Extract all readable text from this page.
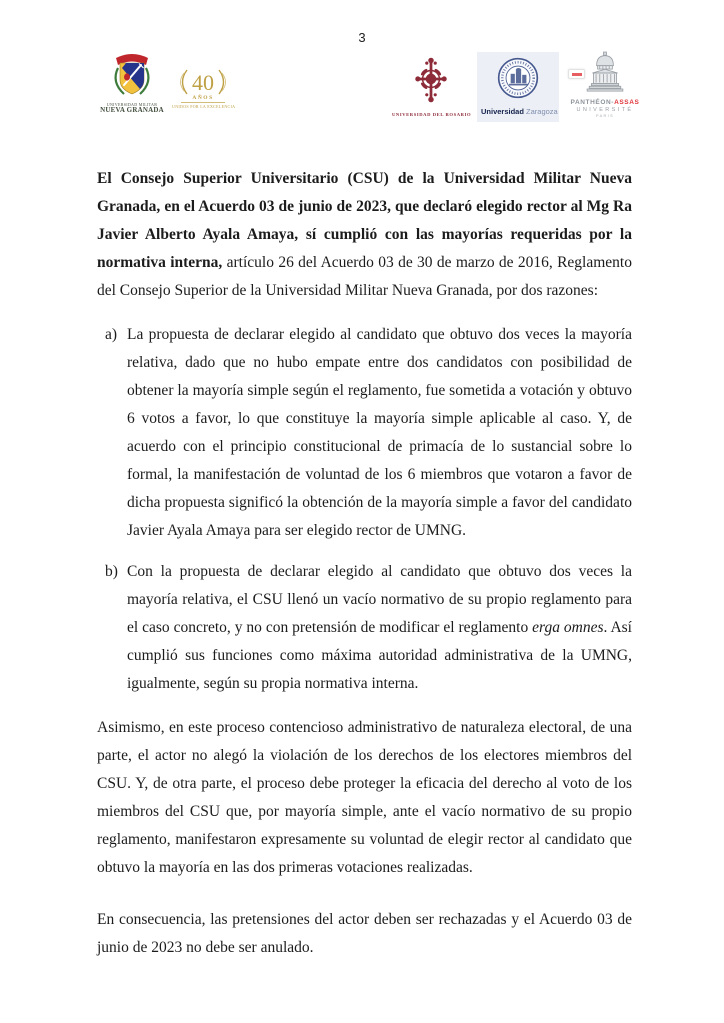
3
UNIVERSIDAD MILITAR
NUEVA GRANADA
40
AÑOS
UNIDOS POR LA EXCELENCIA
UNIVERSIDAD DEL ROSARIO Universidad Zaragoza
PANTHÉON-ASSAS
UNIVERSITÉ
PARIS

El Consejo Superior Universitario (CSU) de la Universidad Militar Nueva Granada, en el Acuerdo 03 de junio de 2023, que declaró elegido rector al Mg Ra Javier Alberto Ayala Amaya, sí cumplió con las mayorías requeridas por la normativa interna, artículo 26 del Acuerdo 03 de 30 de marzo de 2016, Reglamento del Consejo Superior de la Universidad Militar Nueva Granada, por dos razones:

a) La propuesta de declarar elegido al candidato que obtuvo dos veces la mayoría relativa, dado que no hubo empate entre dos candidatos con posibilidad de obtener la mayoría simple según el reglamento, fue sometida a votación y obtuvo 6 votos a favor, lo que constituye la mayoría simple aplicable al caso. Y, de acuerdo con el principio constitucional de primacía de lo sustancial sobre lo formal, la manifestación de voluntad de los 6 miembros que votaron a favor de dicha propuesta significó la obtención de la mayoría simple a favor del candidato Javier Ayala Amaya para ser elegido rector de UMNG.
b) Con la propuesta de declarar elegido al candidato que obtuvo dos veces la mayoría relativa, el CSU llenó un vacío normativo de su propio reglamento para el caso concreto, y no con pretensión de modificar el reglamento erga omnes. Así cumplió sus funciones como máxima autoridad administrativa de la UMNG, igualmente, según su propia normativa interna.

Asimismo, en este proceso contencioso administrativo de naturaleza electoral, de una parte, el actor no alegó la violación de los derechos de los electores miembros del CSU. Y, de otra parte, el proceso debe proteger la eficacia del derecho al voto de los miembros del CSU que, por mayoría simple, ante el vacío normativo de su propio reglamento, manifestaron expresamente su voluntad de elegir rector al candidato que obtuvo la mayoría en las dos primeras votaciones realizadas.

En consecuencia, las pretensiones del actor deben ser rechazadas y el Acuerdo 03 de junio de 2023 no debe ser anulado.
